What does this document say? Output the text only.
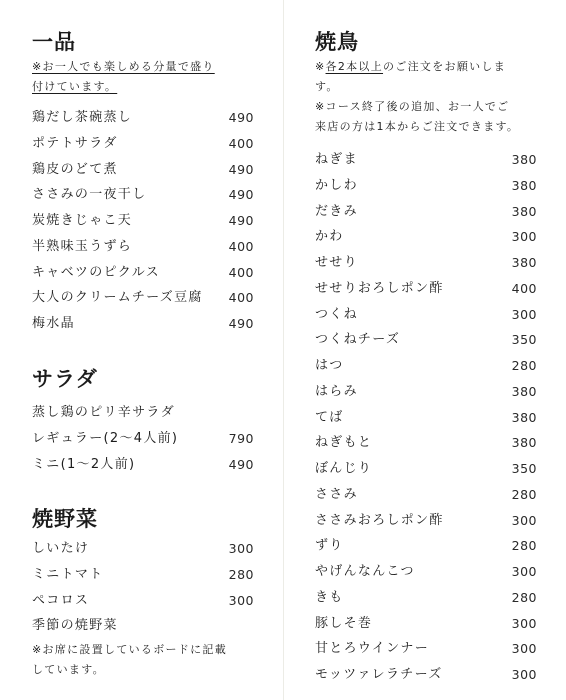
一品
※お一人でも楽しめる分量で盛り
付けています。
鶏だし茶碗蒸し	490
ポテトサラダ	400
鶏皮のどて煮	490
ささみの一夜干し	490
炭焼きじゃこ天	490
半熟味玉うずら	400
キャベツのピクルス	400
大人のクリームチーズ豆腐 400
梅水晶	490
サラダ
蒸し鶏のピリ辛サラダ
レギュラー(2〜4人前)	790
ミニ(1〜2人前)	490
焼野菜
しいたけ	300
ミニトマト	280
ペコロス	300
季節の焼野菜
※お席に設置しているボードに記載
しています。
焼鳥
※各2本以上のご注文をお願いしま
す。
※コース終了後の追加、お一人でご
来店の方は1本からご注文できます。
ねぎま	380
かしわ	380
だきみ	380
かわ	300
せせり	380
せせりおろしポン酢	400
つくね	300
つくねチーズ	350
はつ	280
はらみ	380
てば	380
ねぎもと	380
ぼんじり	350
ささみ	280
ささみおろしポン酢	300
ずり	280
やげんなんこつ	300
きも	280
豚しそ巻	300
甘とろウインナー	300
モッツァレラチーズ	300
